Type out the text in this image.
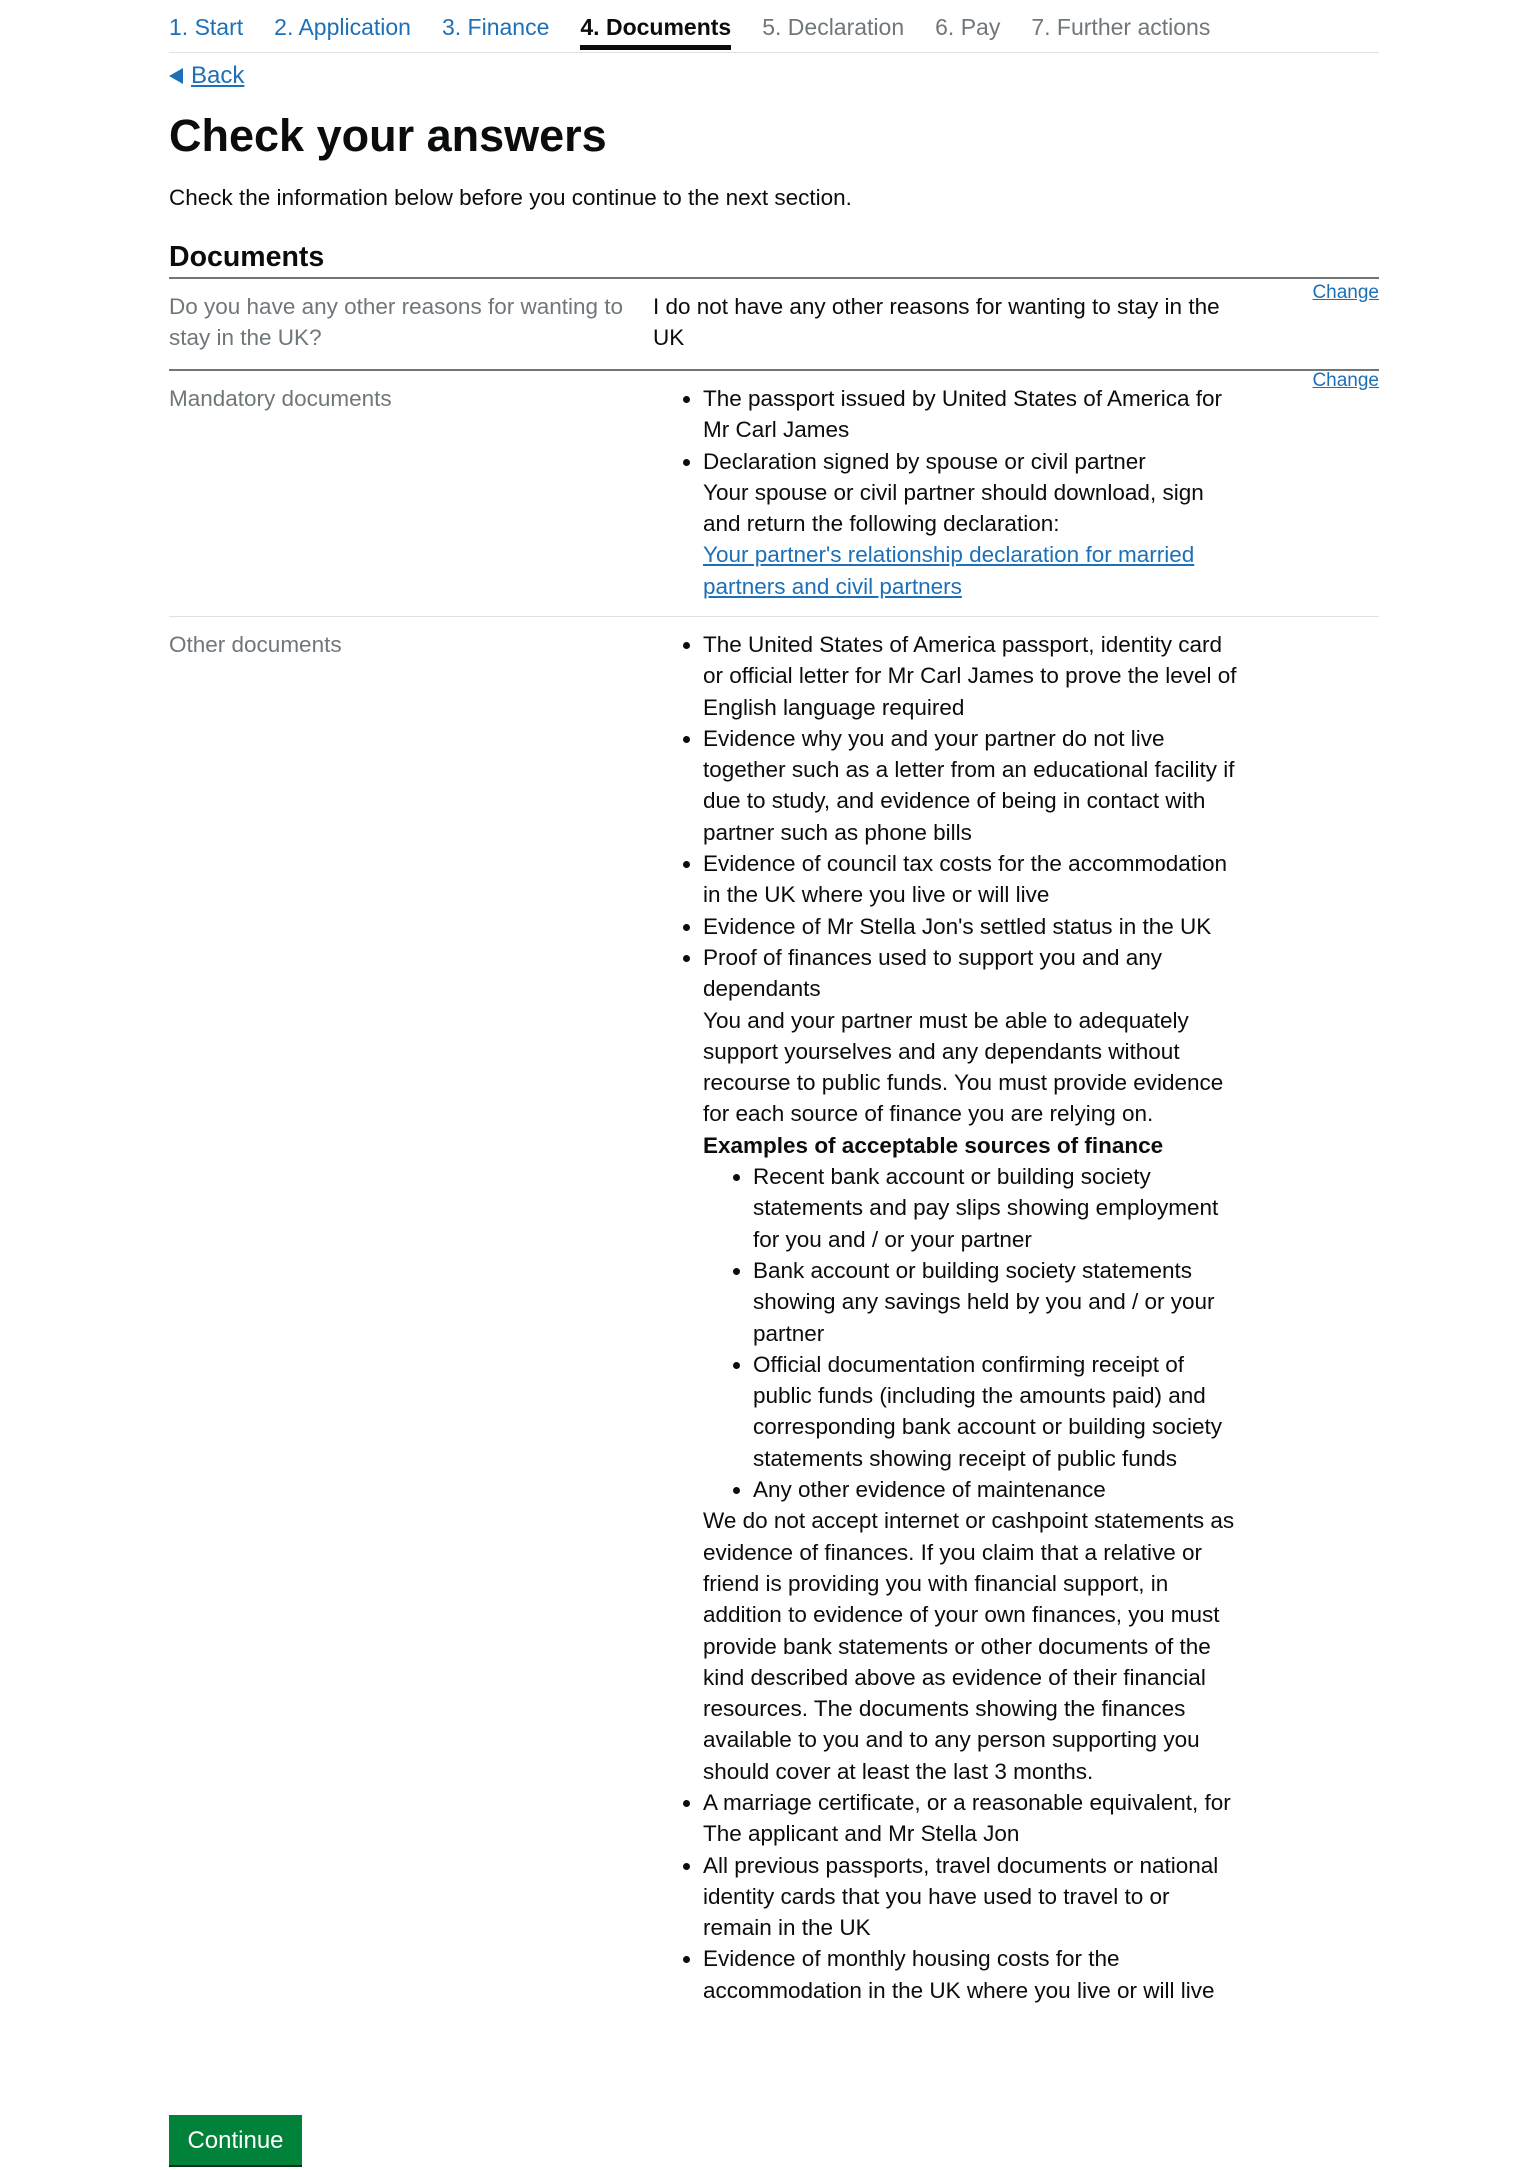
1. Start 2. Application 3. Finance 4. Documents 5. Declaration 6. Pay 7. Further actions
Back
Check your answers

Check the information below before you continue to the next section.

Documents
Do you have any other reasons for wanting to stay in the UK?
I do not have any other reasons for wanting to stay in the UK
Change
Mandatory documents	• The passport issued by United States of America for Mr Carl James
• Declaration signed by spouse or civil partner
Your spouse or civil partner should download, sign and return the following declaration:
Your partner's relationship declaration for married partners and civil partners
Change
Other documents	• The United States of America passport, identity card or official letter for Mr Carl James to prove the level of English language required
• Evidence why you and your partner do not live together such as a letter from an educational facility if due to study, and evidence of being in contact with partner such as phone bills
• Evidence of council tax costs for the accommodation in the UK where you live or will live
• Evidence of Mr Stella Jon's settled status in the UK
• Proof of finances used to support you and any dependants
You and your partner must be able to adequately support yourselves and any dependants without recourse to public funds. You must provide evidence for each source of finance you are relying on.
Examples of acceptable sources of finance
• Recent bank account or building society statements and pay slips showing employment for you and / or your partner
• Bank account or building society statements showing any savings held by you and / or your partner
• Official documentation confirming receipt of public funds (including the amounts paid) and corresponding bank account or building society statements showing receipt of public funds
• Any other evidence of maintenance
We do not accept internet or cashpoint statements as evidence of finances. If you claim that a relative or friend is providing you with financial support, in addition to evidence of your own finances, you must provide bank statements or other documents of the kind described above as evidence of their financial resources. The documents showing the finances available to you and to any person supporting you should cover at least the last 3 months.
• A marriage certificate, or a reasonable equivalent, for The applicant and Mr Stella Jon
• All previous passports, travel documents or national identity cards that you have used to travel to or remain in the UK
• Evidence of monthly housing costs for the accommodation in the UK where you live or will live
Continue
